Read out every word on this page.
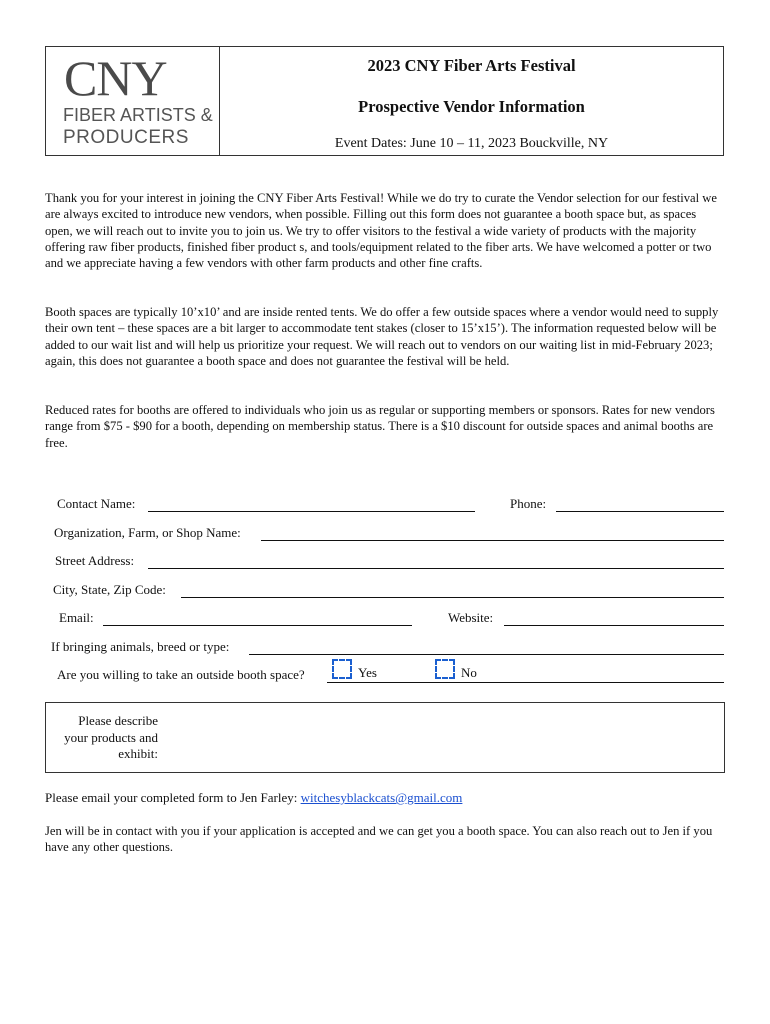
CNY
FIBER ARTISTS &
PRODUCERS
2023 CNY Fiber Arts Festival
Prospective Vendor Information
Event Dates: June 10 – 11, 2023 Bouckville, NY

Thank you for your interest in joining the CNY Fiber Arts Festival! While we do try to curate the Vendor selection for our festival we are always excited to introduce new vendors, when possible. Filling out this form does not guarantee a booth space but, as spaces open, we will reach out to invite you to join us. We try to offer visitors to the festival a wide variety of products with the majority offering raw fiber products, finished fiber product s, and tools/equipment related to the fiber arts. We have welcomed a potter or two and we appreciate having a few vendors with other farm products and other fine crafts.

Booth spaces are typically 10’x10’ and are inside rented tents. We do offer a few outside spaces where a vendor would need to supply their own tent – these spaces are a bit larger to accommodate tent stakes (closer to 15’x15’). The information requested below will be added to our wait list and will help us prioritize your request. We will reach out to vendors on our waiting list in mid-February 2023; again, this does not guarantee a booth space and does not guarantee the festival will be held.

Reduced rates for booths are offered to individuals who join us as regular or supporting members or sponsors. Rates for new vendors range from $75 - $90 for a booth, depending on membership status. There is a $10 discount for outside spaces and animal booths are free.

Contact Name:	Phone:
Organization, Farm, or Shop Name:
Street Address:
City, State, Zip Code:
Email:	Website:
If bringing animals, breed or type:
Are you willing to take an outside booth space?	Yes	No
Please describe your products and exhibit:
Please email your completed form to Jen Farley: witchesyblackcats@gmail.com

Jen will be in contact with you if your application is accepted and we can get you a booth space. You can also reach out to Jen if you have any other questions.
